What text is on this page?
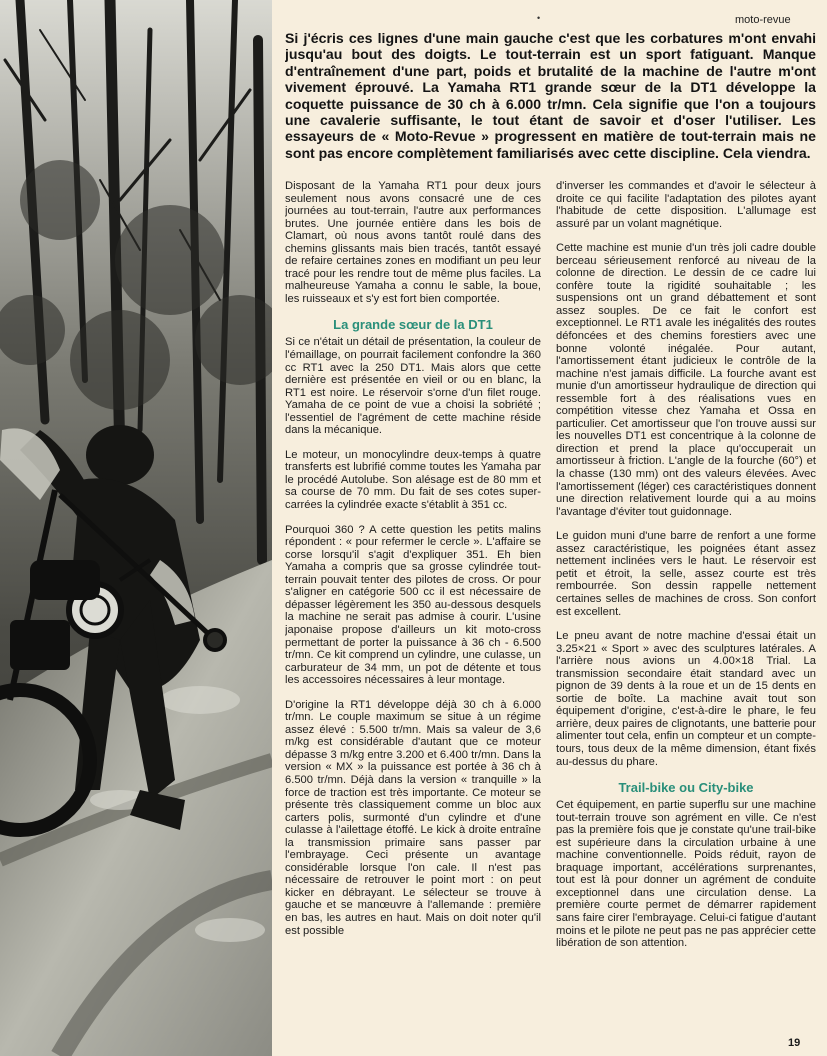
moto-revue
•

Si j'écris ces lignes d'une main gauche c'est que les corbatures m'ont envahi jusqu'au bout des doigts. Le tout-terrain est un sport fatiguant. Manque d'entraînement d'une part, poids et brutalité de la machine de l'autre m'ont vivement éprouvé. La Yamaha RT1 grande sœur de la DT1 développe la coquette puissance de 30 ch à 6.000 tr/mn. Cela signifie que l'on a toujours une cavalerie suffisante, le tout étant de savoir et d'oser l'utiliser. Les essayeurs de « Moto-Revue » progressent en matière de tout-terrain mais ne sont pas encore complètement familiarisés avec cette discipline. Cela viendra.

Disposant de la Yamaha RT1 pour deux jours seulement nous avons consacré une de ces journées au tout-terrain, l'autre aux performances brutes. Une journée entière dans les bois de Clamart, où nous avons tantôt roulé dans des chemins glissants mais bien tracés, tantôt essayé de refaire certaines zones en modifiant un peu leur tracé pour les rendre tout de même plus faciles. La malheureuse Yamaha a connu le sable, la boue, les ruisseaux et s'y est fort bien comportée.

La grande sœur de la DT1

Si ce n'était un détail de présentation, la couleur de l'émaillage, on pourrait facilement confondre la 360 cc RT1 avec la 250 DT1. Mais alors que cette dernière est présentée en vieil or ou en blanc, la RT1 est noire. Le réservoir s'orne d'un filet rouge. Yamaha de ce point de vue a choisi la sobriété ; l'essentiel de l'agrément de cette machine réside dans la mécanique.

Le moteur, un monocylindre deux-temps à quatre transferts est lubrifié comme toutes les Yamaha par le procédé Autolube. Son alésage est de 80 mm et sa course de 70 mm. Du fait de ses cotes super-carrées la cylindrée exacte s'établit à 351 cc.

Pourquoi 360 ? A cette question les petits malins répondent : « pour refermer le cercle ». L'affaire se corse lorsqu'il s'agit d'expliquer 351. Eh bien Yamaha a compris que sa grosse cylindrée tout-terrain pouvait tenter des pilotes de cross. Or pour s'aligner en catégorie 500 cc il est nécessaire de dépasser légèrement les 350 au-dessous desquels la machine ne serait pas admise à courir. L'usine japonaise propose d'ailleurs un kit moto-cross permettant de porter la puissance à 36 ch - 6.500 tr/mn. Ce kit comprend un cylindre, une culasse, un carburateur de 34 mm, un pot de détente et tous les accessoires nécessaires à leur montage.

D'origine la RT1 développe déjà 30 ch à 6.000 tr/mn. Le couple maximum se situe à un régime assez élevé : 5.500 tr/mn. Mais sa valeur de 3,6 m/kg est considérable d'autant que ce moteur dépasse 3 m/kg entre 3.200 et 6.400 tr/mn. Dans la version « MX » la puissance est portée à 36 ch à 6.500 tr/mn. Déjà dans la version « tranquille » la force de traction est très importante. Ce moteur se présente très classiquement comme un bloc aux carters polis, surmonté d'un cylindre et d'une culasse à l'ailettage étoffé. Le kick à droite entraîne la transmission primaire sans passer par l'embrayage. Ceci présente un avantage considérable lorsque l'on cale. Il n'est pas nécessaire de retrouver le point mort : on peut kicker en débrayant. Le sélecteur se trouve à gauche et se manœuvre à l'allemande : première en bas, les autres en haut. Mais on doit noter qu'il est possible

d'inverser les commandes et d'avoir le sélecteur à droite ce qui facilite l'adaptation des pilotes ayant l'habitude de cette disposition. L'allumage est assuré par un volant magnétique.

Cette machine est munie d'un très joli cadre double berceau sérieusement renforcé au niveau de la colonne de direction. Le dessin de ce cadre lui confère toute la rigidité souhaitable ; les suspensions ont un grand débattement et sont assez souples. De ce fait le confort est exceptionnel. Le RT1 avale les inégalités des routes défoncées et des chemins forestiers avec une bonne volonté inégalée. Pour autant, l'amortissement étant judicieux le contrôle de la machine n'est jamais difficile. La fourche avant est munie d'un amortisseur hydraulique de direction qui ressemble fort à des réalisations vues en compétition vitesse chez Yamaha et Ossa en particulier. Cet amortisseur que l'on trouve aussi sur les nouvelles DT1 est concentrique à la colonne de direction et prend la place qu'occuperait un amortisseur à friction. L'angle de la fourche (60°) et la chasse (130 mm) ont des valeurs élevées. Avec l'amortissement (léger) ces caractéristiques donnent une direction relativement lourde qui a au moins l'avantage d'éviter tout guidonnage.

Le guidon muni d'une barre de renfort a une forme assez caractéristique, les poignées étant assez nettement inclinées vers le haut. Le réservoir est petit et étroit, la selle, assez courte est très rembourrée. Son dessin rappelle nettement certaines selles de machines de cross. Son confort est excellent.

Le pneu avant de notre machine d'essai était un 3.25×21 « Sport » avec des sculptures latérales. A l'arrière nous avions un 4.00×18 Trial. La transmission secondaire était standard avec un pignon de 39 dents à la roue et un de 15 dents en sortie de boîte. La machine avait tout son équipement d'origine, c'est-à-dire le phare, le feu arrière, deux paires de clignotants, une batterie pour alimenter tout cela, enfin un compteur et un compte-tours, tous deux de la même dimension, étant fixés au-dessus du phare.

Trail-bike ou City-bike

Cet équipement, en partie superflu sur une machine tout-terrain trouve son agrément en ville. Ce n'est pas la première fois que je constate qu'une trail-bike est supérieure dans la circulation urbaine à une machine conventionnelle. Poids réduit, rayon de braquage important, accélérations surprenantes, tout est là pour donner un agrément de conduite exceptionnel dans une circulation dense. La première courte permet de démarrer rapidement sans faire cirer l'embrayage. Celui-ci fatigue d'autant moins et le pilote ne peut pas ne pas apprécier cette libération de son attention.

19
